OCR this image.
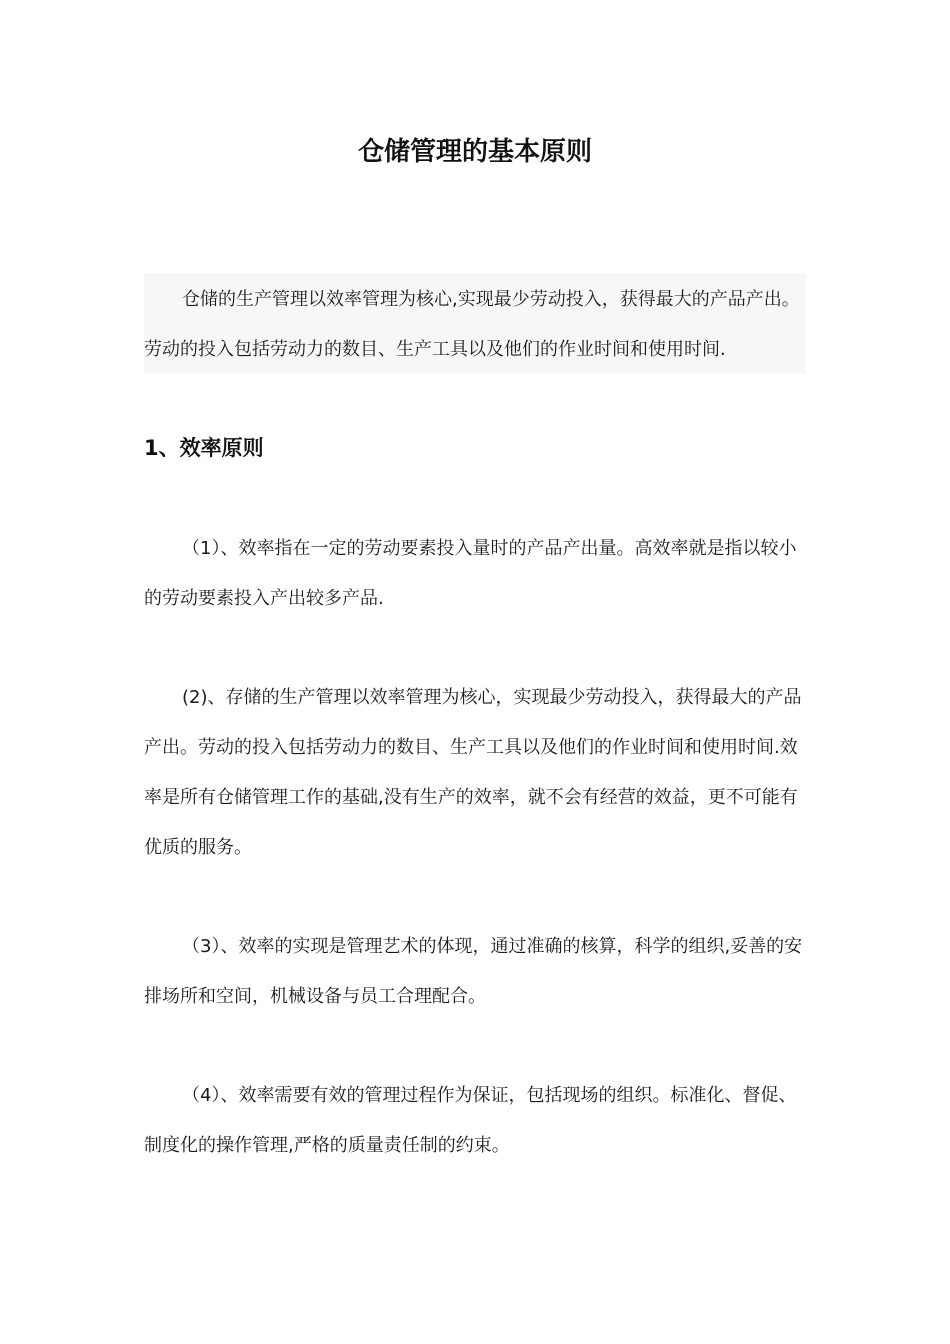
仓储管理的基本原则

仓储的生产管理以效率管理为核心,实现最少劳动投入，获得最大的产品产出。劳动的投入包括劳动力的数目、生产工具以及他们的作业时间和使用时间.

1、效率原则

（1）、效率指在一定的劳动要素投入量时的产品产出量。高效率就是指以较小的劳动要素投入产出较多产品.

(2)、存储的生产管理以效率管理为核心，实现最少劳动投入，获得最大的产品产出。劳动的投入包括劳动力的数目、生产工具以及他们的作业时间和使用时间.效率是所有仓储管理工作的基础,没有生产的效率，就不会有经营的效益，更不可能有优质的服务。

（3）、效率的实现是管理艺术的体现，通过准确的核算，科学的组织,妥善的安排场所和空间，机械设备与员工合理配合。

（4）、效率需要有效的管理过程作为保证，包括现场的组织。标准化、督促、制度化的操作管理,严格的质量责任制的约束。
